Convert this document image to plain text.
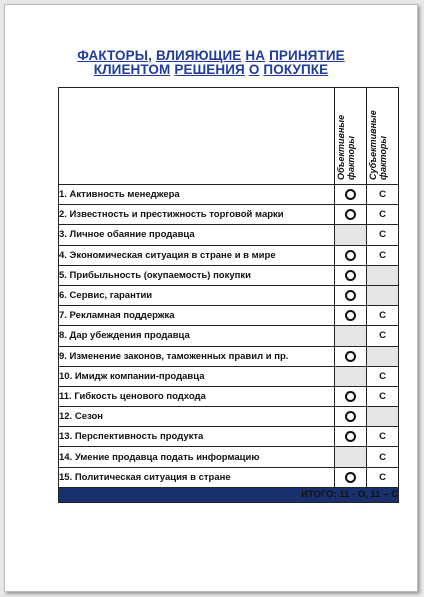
ФАКТОРЫ, ВЛИЯЮЩИЕ НА ПРИНЯТИЕ
КЛИЕНТОМ РЕШЕНИЯ О ПОКУПКЕ

	Объективные факторы	Субъективные факторы

1. Активность менеджера		С
2. Известность и престижность торговой марки		С
3. Личное обаяние продавца		С
4. Экономическая ситуация в стране и в мире		С
5. Прибыльность (окупаемость) покупки		
6. Сервис, гарантии		
7. Рекламная поддержка		С
8. Дар убеждения продавца		С
9. Изменение законов, таможенных правил и пр.		
10. Имидж компании-продавца		С
11. Гибкость ценового подхода		С
12. Сезон		
13. Перспективность продукта		С
14. Умение продавца подать информацию		С
15. Политическая ситуация в стране		С
ИТОГО: 11 - О, 11 – С		
